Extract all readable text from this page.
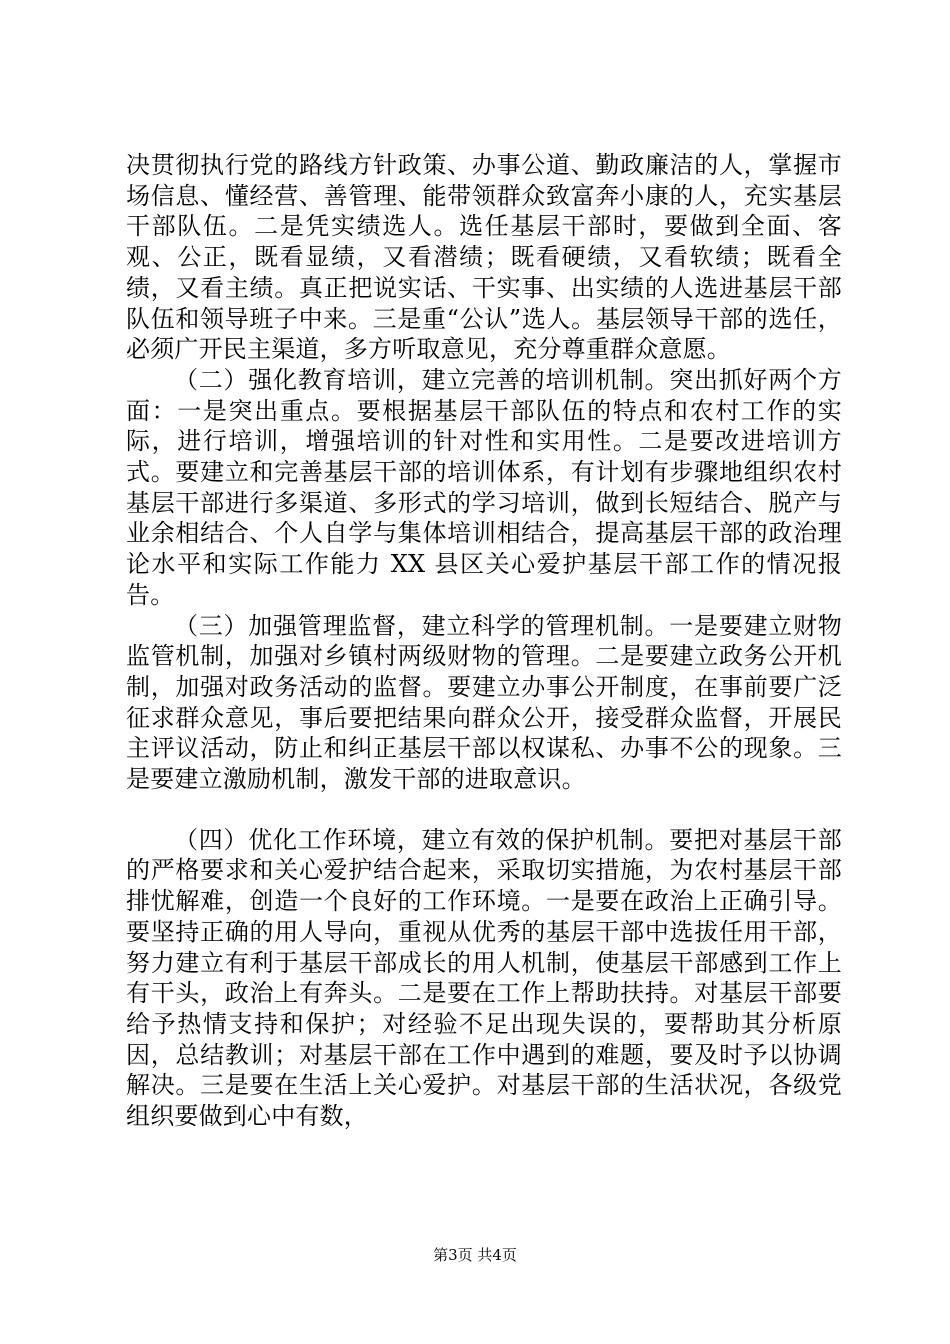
决贯彻执行党的路线方针政策、办事公道、勤政廉洁的人，掌握市场信息、懂经营、善管理、能带领群众致富奔小康的人，充实基层干部队伍。二是凭实绩选人。选任基层干部时，要做到全面、客观、公正，既看显绩，又看潜绩；既看硬绩，又看软绩；既看全绩，又看主绩。真正把说实话、干实事、出实绩的人选进基层干部队伍和领导班子中来。三是重“公认”选人。基层领导干部的选任，必须广开民主渠道，多方听取意见，充分尊重群众意愿。

（二）强化教育培训，建立完善的培训机制。突出抓好两个方面：一是突出重点。要根据基层干部队伍的特点和农村工作的实际，进行培训，增强培训的针对性和实用性。二是要改进培训方式。要建立和完善基层干部的培训体系，有计划有步骤地组织农村基层干部进行多渠道、多形式的学习培训，做到长短结合、脱产与业余相结合、个人自学与集体培训相结合，提高基层干部的政治理论水平和实际工作能力 XX 县区关心爱护基层干部工作的情况报告。

（三）加强管理监督，建立科学的管理机制。一是要建立财物监管机制，加强对乡镇村两级财物的管理。二是要建立政务公开机制，加强对政务活动的监督。要建立办事公开制度，在事前要广泛征求群众意见，事后要把结果向群众公开，接受群众监督，开展民主评议活动，防止和纠正基层干部以权谋私、办事不公的现象。三是要建立激励机制，激发干部的进取意识。

（四）优化工作环境，建立有效的保护机制。要把对基层干部的严格要求和关心爱护结合起来，采取切实措施，为农村基层干部排忧解难，创造一个良好的工作环境。一是要在政治上正确引导。要坚持正确的用人导向，重视从优秀的基层干部中选拔任用干部，努力建立有利于基层干部成长的用人机制，使基层干部感到工作上有干头，政治上有奔头。二是要在工作上帮助扶持。对基层干部要给予热情支持和保护；对经验不足出现失误的，要帮助其分析原因，总结教训；对基层干部在工作中遇到的难题，要及时予以协调解决。三是要在生活上关心爱护。对基层干部的生活状况，各级党组织要做到心中有数，

第3页 共4页
